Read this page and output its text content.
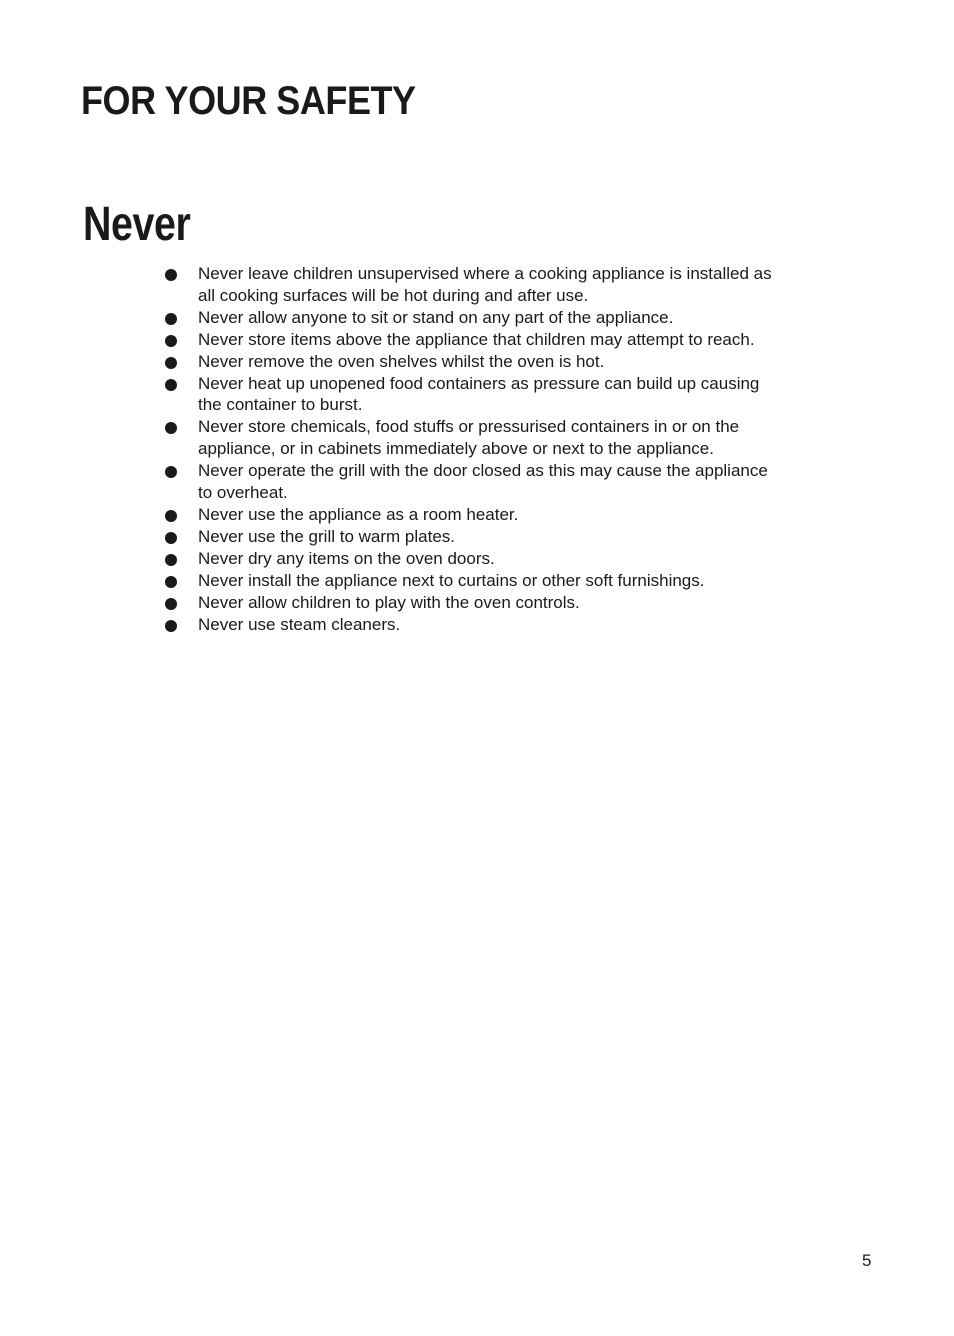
FOR YOUR SAFETY
Never
Never leave children unsupervised where a cooking appliance is installed as
all cooking surfaces will be hot during and after use.
Never allow anyone to sit or stand on any part of the appliance.
Never store items above the appliance that children may attempt to reach.
Never remove the oven shelves whilst the oven is hot.
Never heat up unopened food containers as pressure can build up causing
the container to burst.
Never store chemicals, food stuffs or pressurised containers in or on the
appliance, or in cabinets immediately above or next to the appliance.
Never operate the grill with the door closed as this may cause the appliance
to overheat.
Never use the appliance as a room heater.
Never use the grill to warm plates.
Never dry any items on the oven doors.
Never install the appliance next to curtains or other soft furnishings.
Never allow children to play with the oven controls.
Never use steam cleaners.
5
